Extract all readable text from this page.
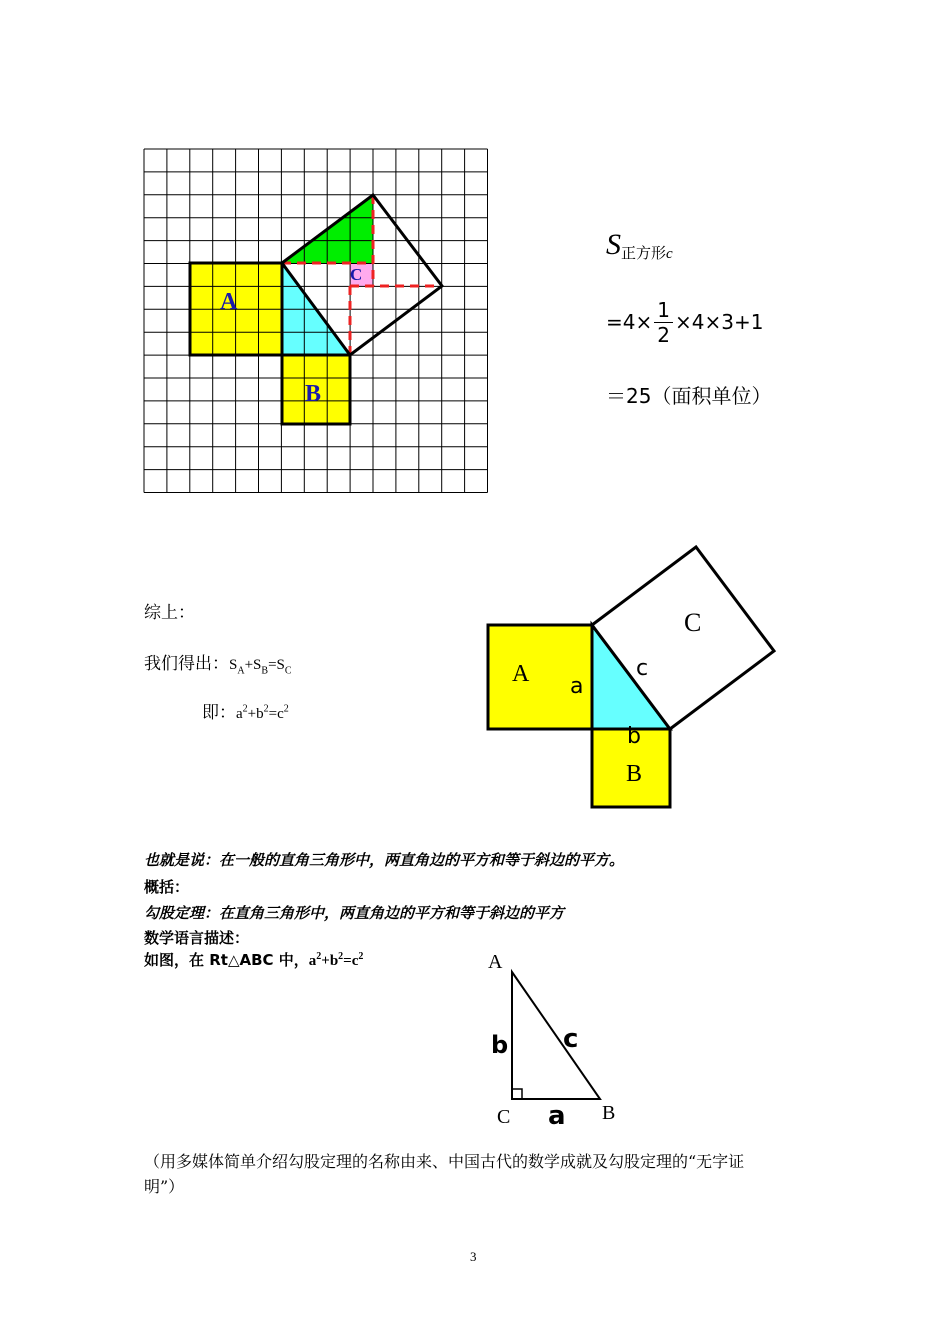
A
B
C
$S_{正方形c}$
$=4\times \frac{1}{2} \times 4\times 3+1$
＝25（面积单位）
综上：
我们得出：$S_A+S_B=S_C$
即：$a^2+b^2=c^2$
A
B
C
a
b
c
也就是说：在一般的直角三角形中，两直角边的平方和等于斜边的平方。
概括：
勾股定理：在直角三角形中，两直角边的平方和等于斜边的平方
数学语言描述：
如图，在 Rt△ABC 中，$a^2+b^2=c^2$	A
B
C a
b c
（用多媒体简单介绍勾股定理的名称由来、中国古代的数学成就及勾股定理的“无字证
明”）
3
